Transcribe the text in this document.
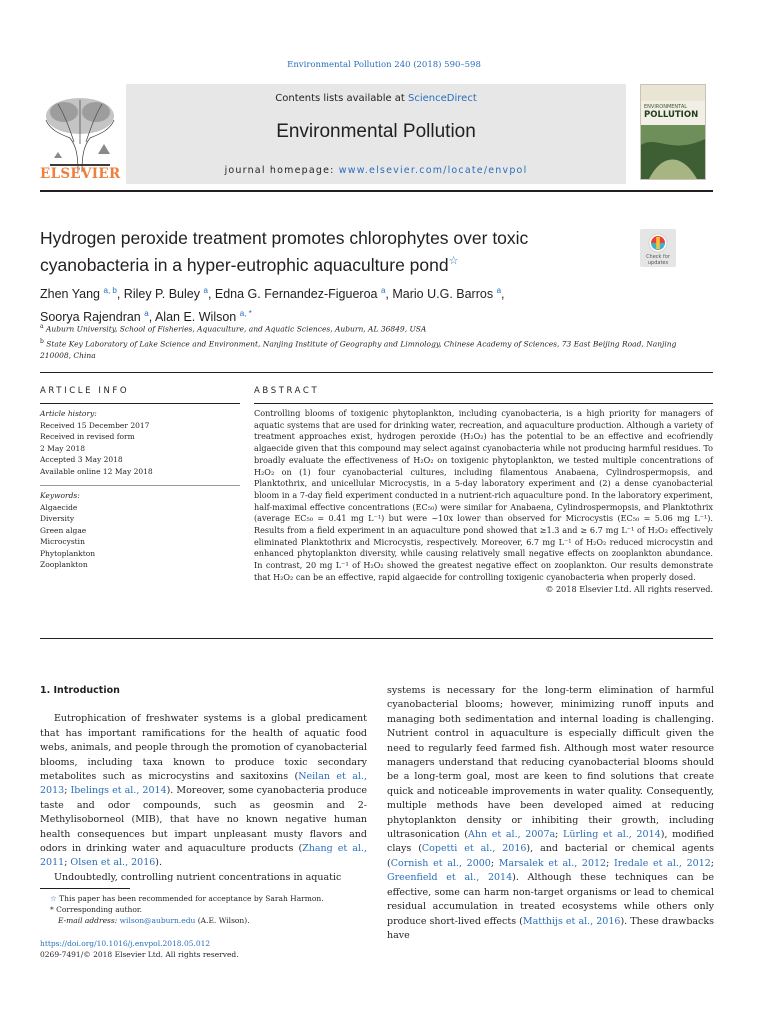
Environmental Pollution 240 (2018) 590–598
ELSEVIER
Contents lists available at ScienceDirect
Environmental Pollution
journal homepage: www.elsevier.com/locate/envpol
ENVIRONMENTAL
POLLUTION
Hydrogen peroxide treatment promotes chlorophytes over toxic
cyanobacteria in a hyper-eutrophic aquaculture pond☆	Check for
updates
Zhen Yang $^{a, b}$, Riley P. Buley $^a$, Edna G. Fernandez-Figueroa $^a$, Mario U.G. Barros $^a$,
Soorya Rajendran $^a$, Alan E. Wilson $^{a, *}$
$^a$ Auburn University, School of Fisheries, Aquaculture, and Aquatic Sciences, Auburn, AL 36849, USA
$^b$ State Key Laboratory of Lake Science and Environment, Nanjing Institute of Geography and Limnology, Chinese Academy of Sciences, 73 East Beijing Road, Nanjing 210008, China
ARTICLE INFO	ABSTRACT
Article history:
Received 15 December 2017
Received in revised form
2 May 2018
Accepted 3 May 2018
Available online 12 May 2018
Keywords:
Algaecide
Diversity
Green algae
Microcystin
Phytoplankton
Zooplankton
Controlling blooms of toxigenic phytoplankton, including cyanobacteria, is a high priority for managers of aquatic systems that are used for drinking water, recreation, and aquaculture production. Although a variety of treatment approaches exist, hydrogen peroxide (H₂O₂) has the potential to be an effective and ecofriendly algaecide given that this compound may select against cyanobacteria while not producing harmful residues. To broadly evaluate the effectiveness of H₂O₂ on toxigenic phytoplankton, we tested multiple concentrations of H₂O₂ on (1) four cyanobacterial cultures, including filamentous Anabaena, Cylindrospermopsis, and Planktothrix, and unicellular Microcystis, in a 5-day laboratory experiment and (2) a dense cyanobacterial bloom in a 7-day field experiment conducted in a nutrient-rich aquaculture pond. In the laboratory experiment, half-maximal effective concentrations (EC₅₀) were similar for Anabaena, Cylindrospermopsis, and Planktothrix (average EC₅₀ = 0.41 mg L⁻¹) but were ~10x lower than observed for Microcystis (EC₅₀ = 5.06 mg L⁻¹). Results from a field experiment in an aquaculture pond showed that ≥1.3 and ≥ 6.7 mg L⁻¹ of H₂O₂ effectively eliminated Planktothrix and Microcystis, respectively. Moreover, 6.7 mg L⁻¹ of H₂O₂ reduced microcystin and enhanced phytoplankton diversity, while causing relatively small negative effects on zooplankton abundance. In contrast, 20 mg L⁻¹ of H₂O₂ showed the greatest negative effect on zooplankton. Our results demonstrate that H₂O₂ can be an effective, rapid algaecide for controlling toxigenic cyanobacteria when properly dosed.
© 2018 Elsevier Ltd. All rights reserved.
1. Introduction

Eutrophication of freshwater systems is a global predicament that has important ramifications for the health of aquatic food webs, animals, and people through the promotion of cyanobacterial blooms, including taxa known to produce toxic secondary metabolites such as microcystins and saxitoxins (Neilan et al., 2013; Ibelings et al., 2014). Moreover, some cyanobacteria produce taste and odor compounds, such as geosmin and 2-Methylisoborneol (MIB), that have no known negative human health consequences but impart unpleasant musty flavors and odors in drinking water and aquaculture products (Zhang et al., 2011; Olsen et al., 2016).

Undoubtedly, controlling nutrient concentrations in aquatic

systems is necessary for the long-term elimination of harmful cyanobacterial blooms; however, minimizing runoff inputs and managing both sedimentation and internal loading is challenging. Nutrient control in aquaculture is especially difficult given the need to regularly feed farmed fish. Although most water resource managers understand that reducing cyanobacterial blooms should be a long-term goal, most are keen to find solutions that create quick and noticeable improvements in water quality. Consequently, multiple methods have been developed aimed at reducing phytoplankton density or inhibiting their growth, including ultrasonication (Ahn et al., 2007a; Lürling et al., 2014), modified clays (Copetti et al., 2016), and bacterial or chemical agents (Cornish et al., 2000; Marsalek et al., 2012; Iredale et al., 2012; Greenfield et al., 2014). Although these techniques can be effective, some can harm non-target organisms or lead to chemical residual accumulation in treated ecosystems while others only produce short-lived effects (Matthijs et al., 2016). These drawbacks have

☆ This paper has been recommended for acceptance by Sarah Harmon.
* Corresponding author.
E-mail address: wilson@auburn.edu (A.E. Wilson).
https://doi.org/10.1016/j.envpol.2018.05.012
0269-7491/© 2018 Elsevier Ltd. All rights reserved.
